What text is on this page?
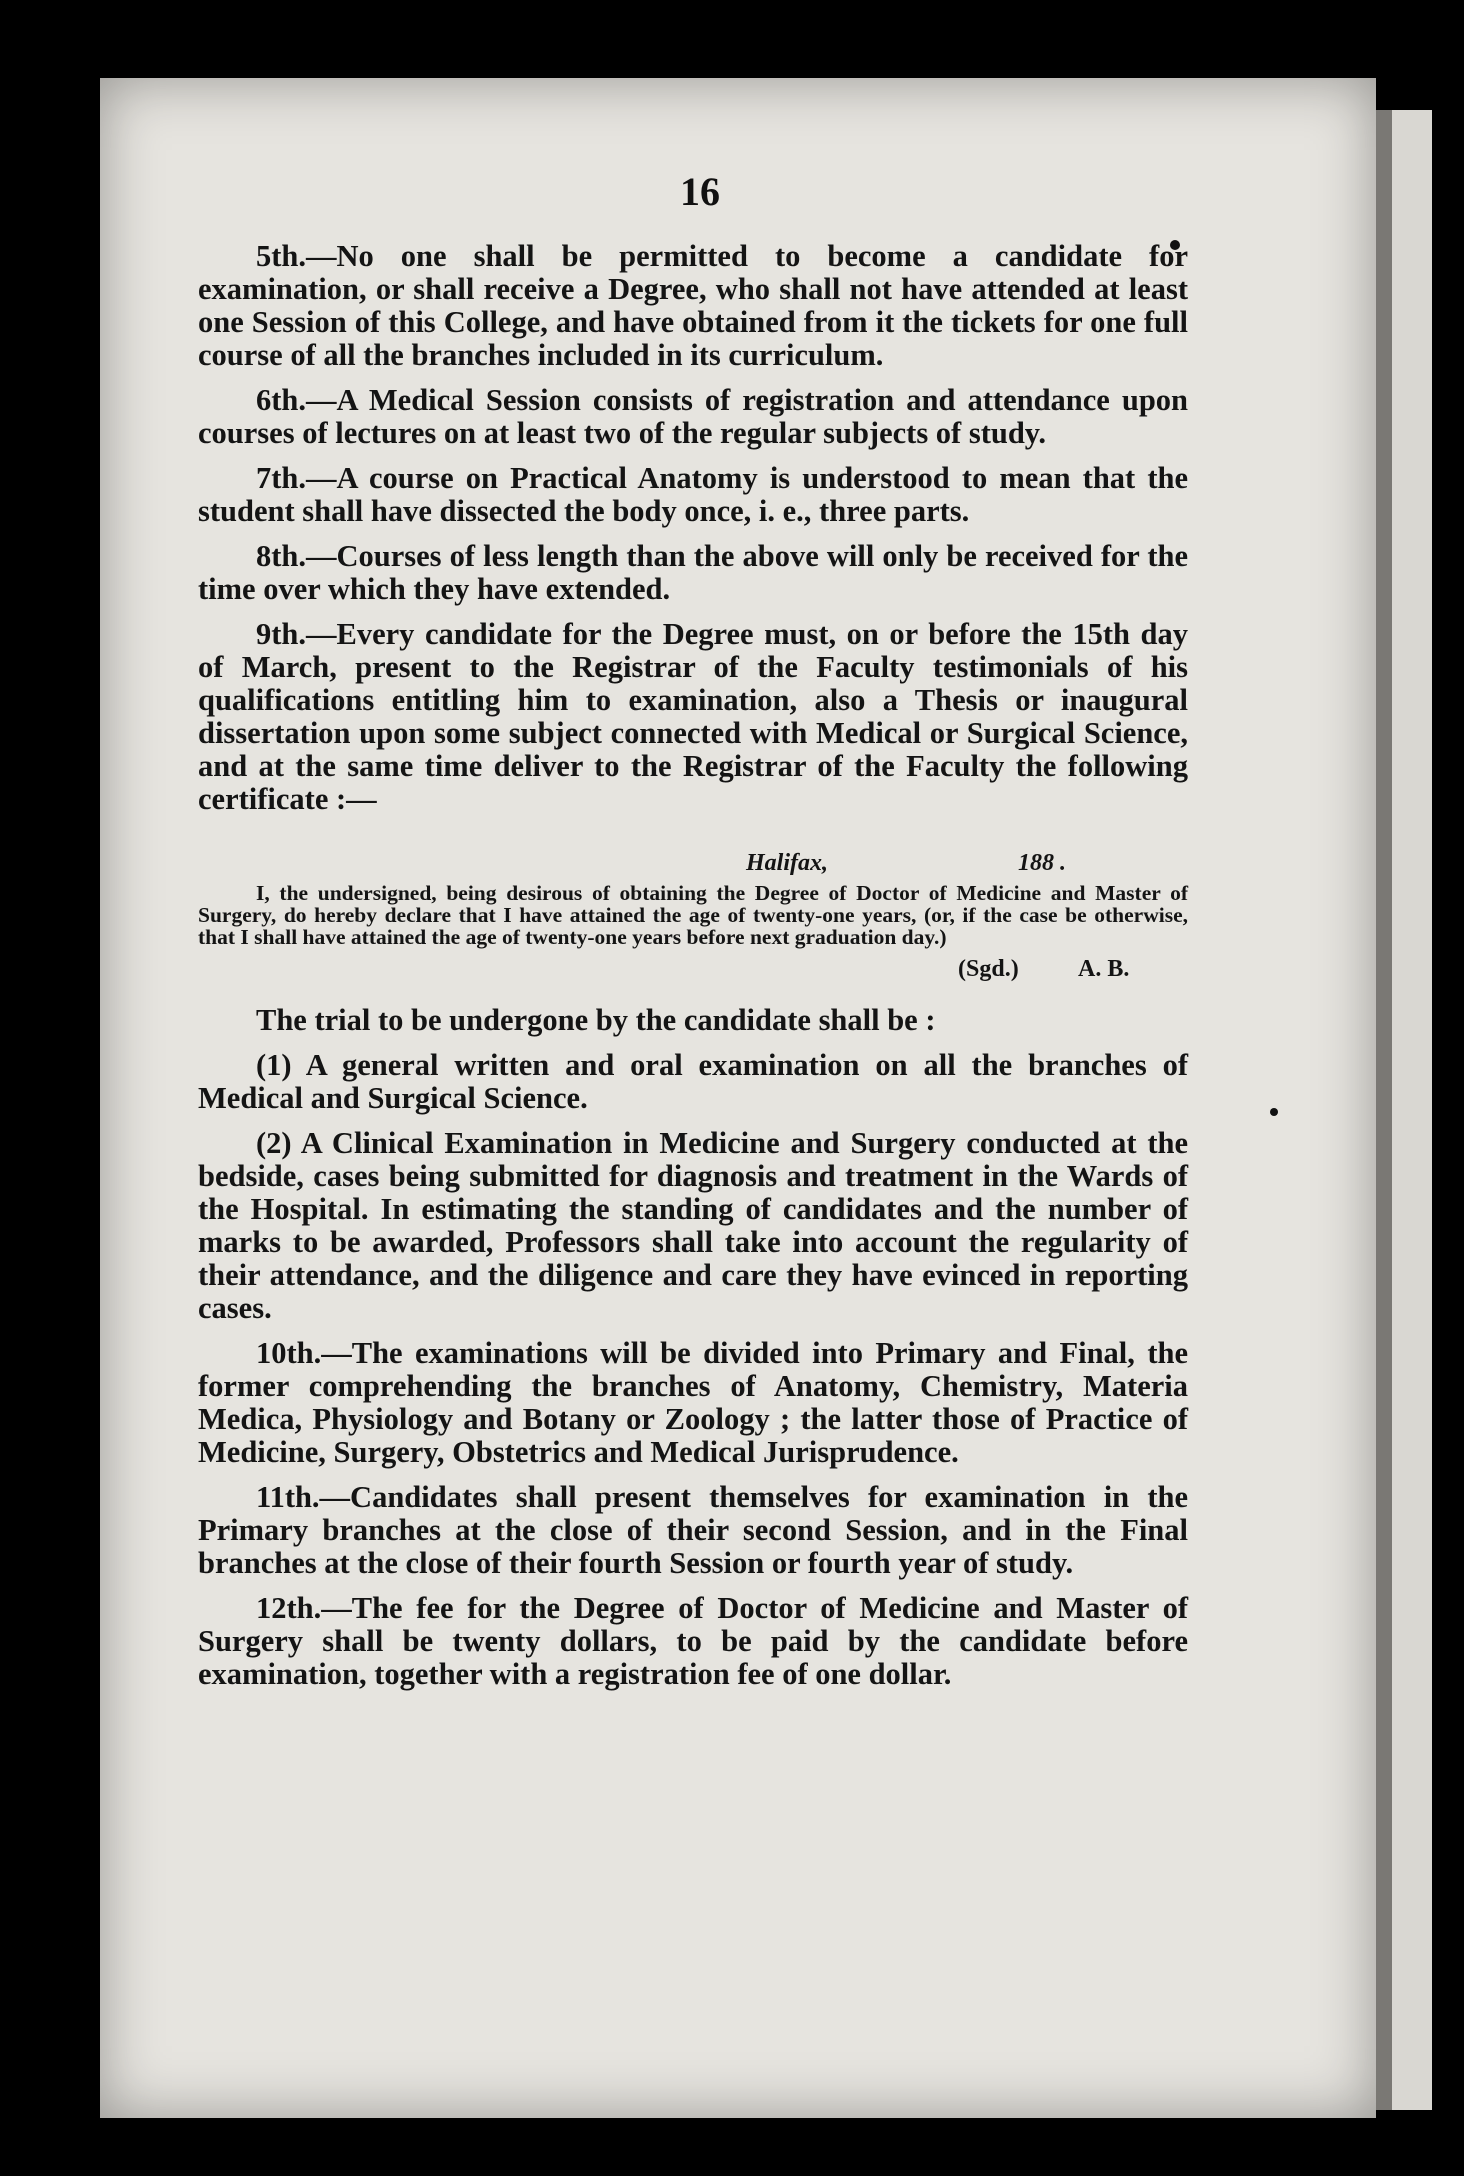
16

5th.—No one shall be permitted to become a candidate for examination, or shall receive a Degree, who shall not have attended at least one Session of this College, and have obtained from it the tickets for one full course of all the branches included in its curriculum.

6th.—A Medical Session consists of registration and attendance upon courses of lectures on at least two of the regular subjects of study.

7th.—A course on Practical Anatomy is understood to mean that the student shall have dissected the body once, i. e., three parts.

8th.—Courses of less length than the above will only be received for the time over which they have extended.

9th.—Every candidate for the Degree must, on or before the 15th day of March, present to the Registrar of the Faculty testimonials of his qualifications entitling him to examination, also a Thesis or inaugural dissertation upon some subject connected with Medical or Surgical Science, and at the same time deliver to the Registrar of the Faculty the following certificate :—

Halifax,	188 .

I, the undersigned, being desirous of obtaining the Degree of Doctor of Medicine and Master of Surgery, do hereby declare that I have attained the age of twenty-one years, (or, if the case be otherwise, that I shall have attained the age of twenty-one years before next graduation day.)

(Sgd.) A. B.

The trial to be undergone by the candidate shall be :

(1) A general written and oral examination on all the branches of Medical and Surgical Science.

(2) A Clinical Examination in Medicine and Surgery conducted at the bedside, cases being submitted for diagnosis and treatment in the Wards of the Hospital. In estimating the standing of candidates and the number of marks to be awarded, Professors shall take into account the regularity of their attendance, and the diligence and care they have evinced in reporting cases.

10th.—The examinations will be divided into Primary and Final, the former comprehending the branches of Anatomy, Chemistry, Materia Medica, Physiology and Botany or Zoology ; the latter those of Practice of Medicine, Surgery, Obstetrics and Medical Jurisprudence.

11th.—Candidates shall present themselves for examination in the Primary branches at the close of their second Session, and in the Final branches at the close of their fourth Session or fourth year of study.

12th.—The fee for the Degree of Doctor of Medicine and Master of Surgery shall be twenty dollars, to be paid by the candidate before examination, together with a registration fee of one dollar.
